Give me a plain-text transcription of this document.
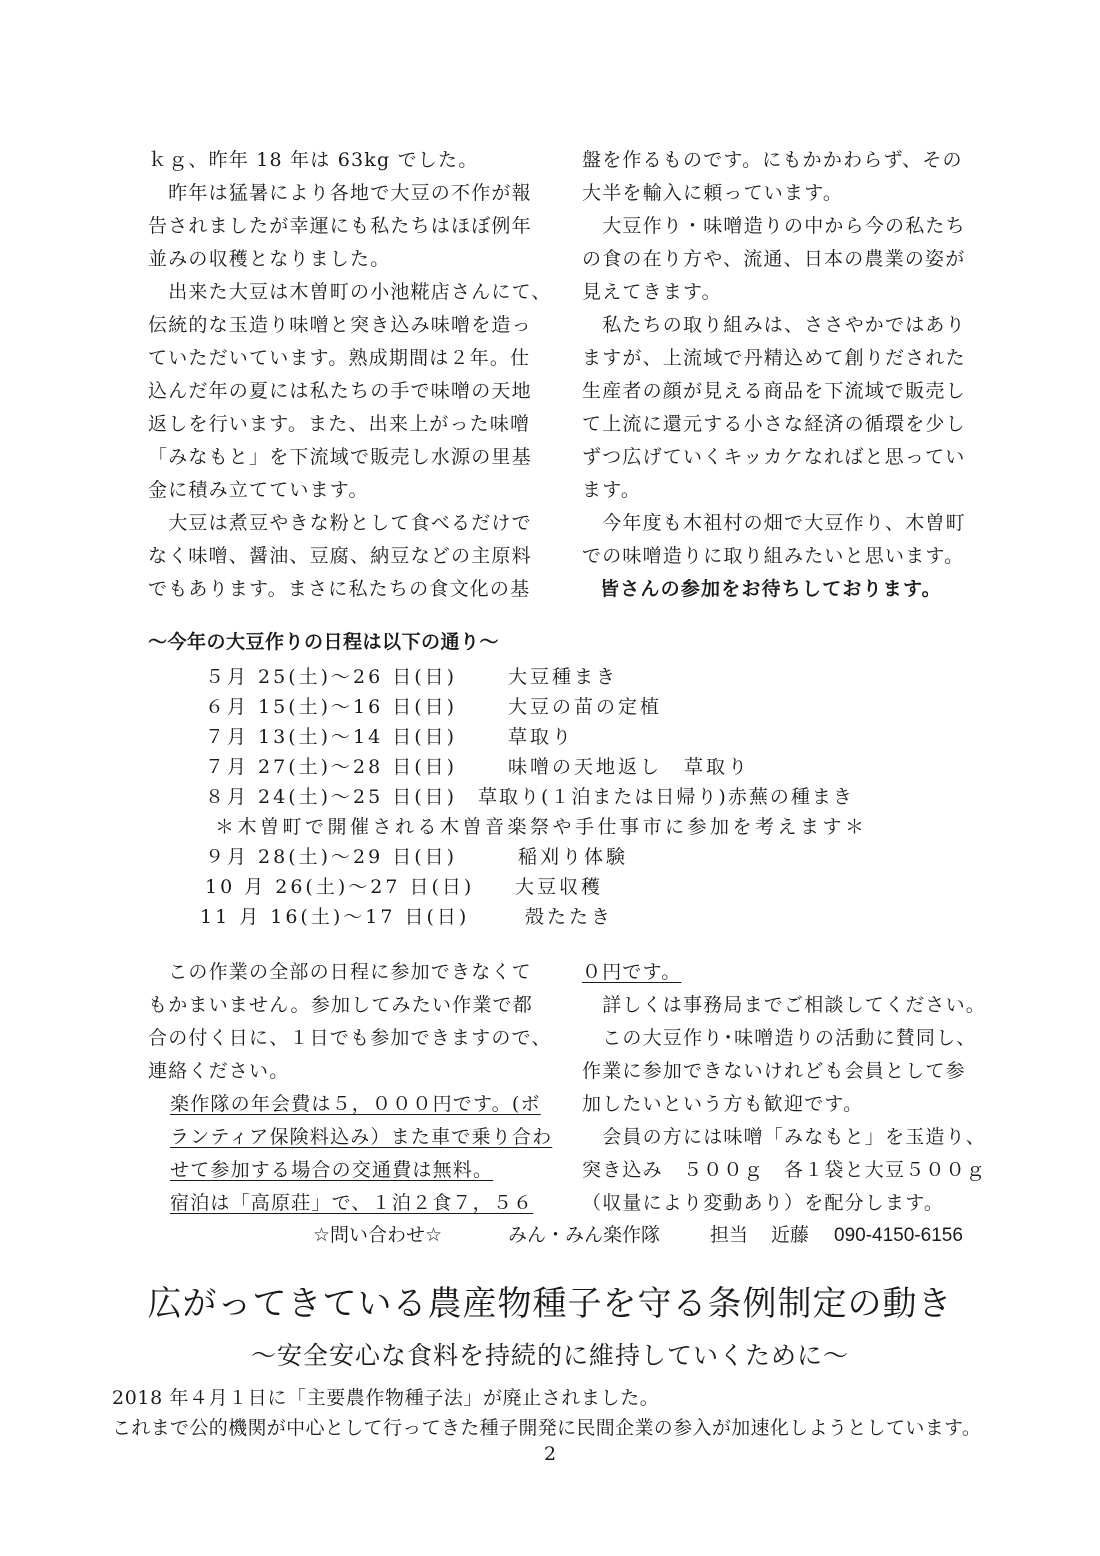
ｋｇ、昨年 18 年は 63kg でした。
　昨年は猛暑により各地で大豆の不作が報
告されましたが幸運にも私たちはほぼ例年
並みの収穫となりました。
　出来た大豆は木曽町の小池糀店さんにて、
伝統的な玉造り味噌と突き込み味噌を造っ
ていただいています。熟成期間は２年。仕
込んだ年の夏には私たちの手で味噌の天地
返しを行います。また、出来上がった味噌
「みなもと」を下流域で販売し水源の里基
金に積み立てています。
　大豆は煮豆やきな粉として食べるだけで
なく味噌、醤油、豆腐、納豆などの主原料
でもあります。まさに私たちの食文化の基
盤を作るものです。にもかかわらず、その
大半を輸入に頼っています。
　大豆作り・味噌造りの中から今の私たち
の食の在り方や、流通、日本の農業の姿が
見えてきます。
　私たちの取り組みは、ささやかではあり
ますが、上流域で丹精込めて創りだされた
生産者の顔が見える商品を下流域で販売し
て上流に還元する小さな経済の循環を少し
ずつ広げていくキッカケなればと思ってい
ます。
　今年度も木祖村の畑で大豆作り、木曽町
での味噌造りに取り組みたいと思います。
皆さんの参加をお待ちしております。
～今年の大豆作りの日程は以下の通り～
５月 25(土)～26 日(日)	大豆種まき
６月 15(土)～16 日(日)	大豆の苗の定植
７月 13(土)～14 日(日)	草取り
７月 27(土)～28 日(日)	味噌の天地返し　草取り
８月 24(土)～25 日(日) 草取り(１泊または日帰り)赤蕪の種まき
＊木曽町で開催される木曽音楽祭や手仕事市に参加を考えます＊
９月 28(土)～29 日(日)	稲刈り体験
10 月 26(土)～27 日(日) 大豆収穫
11 月 16(土)～17 日(日)	殻たたき
　この作業の全部の日程に参加できなくて
もかまいません。参加してみたい作業で都
合の付く日に、１日でも参加できますので、
連絡ください。
楽作隊の年会費は５，０００円です。(ボ
ランティア保険料込み）また車で乗り合わ
せて参加する場合の交通費は無料。
宿泊は「高原荘」で、１泊２食７，５６
０円です。
　詳しくは事務局までご相談してください。
　この大豆作り･味噌造りの活動に賛同し、
作業に参加できないけれども会員として参
加したいという方も歓迎です。
　会員の方には味噌「みなもと」を玉造り、
突き込み　５００ｇ　各１袋と大豆５００ｇ
（収量により変動あり）を配分します。
☆問い合わせ☆	みん・みん楽作隊	担当 近藤 090-4150-6156
広がってきている農産物種子を守る条例制定の動き
～安全安心な食料を持続的に維持していくために～
2018 年４月１日に「主要農作物種子法」が廃止されました。
これまで公的機関が中心として行ってきた種子開発に民間企業の参入が加速化しようとしています。
2
